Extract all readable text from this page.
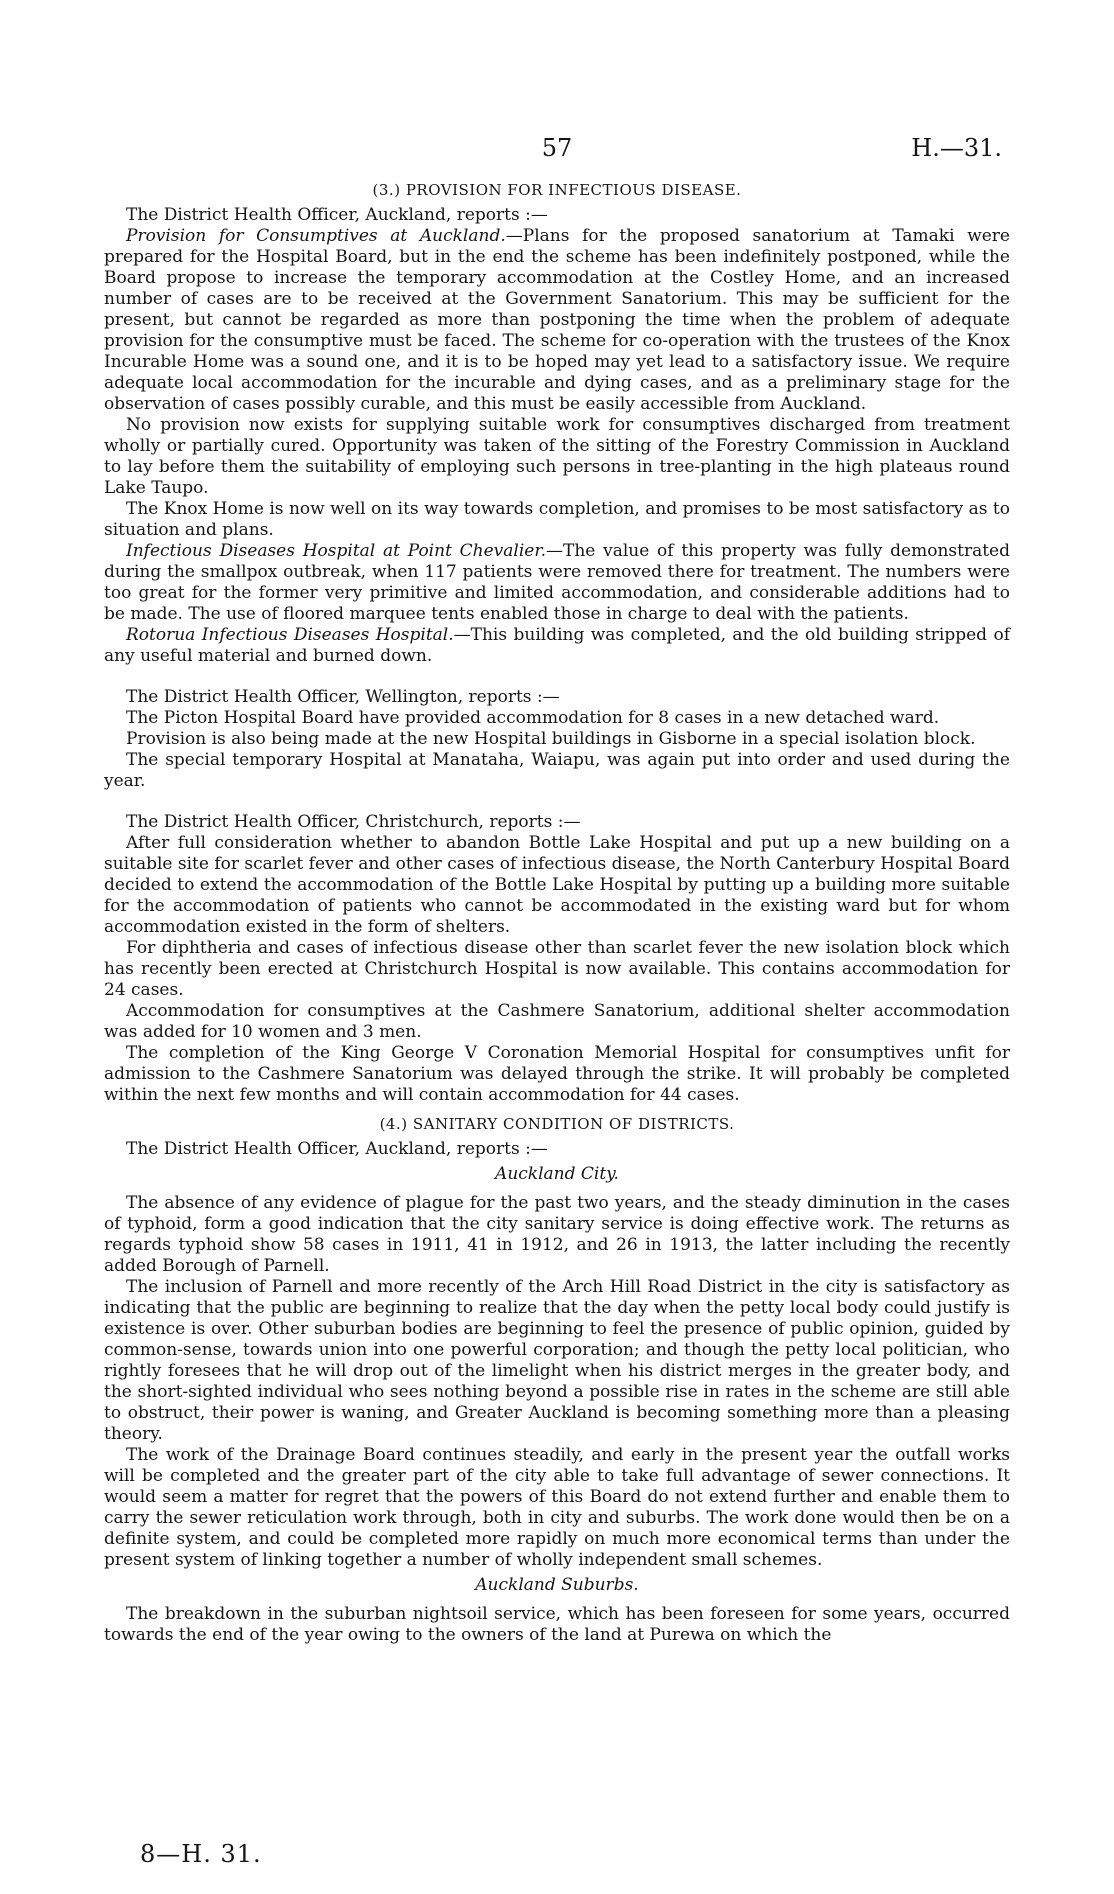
57	H.—31.
(3.) PROVISION FOR INFECTIOUS DISEASE.

The District Health Officer, Auckland, reports :—

Provision for Consumptives at Auckland.—Plans for the proposed sanatorium at Tamaki were prepared for the Hospital Board, but in the end the scheme has been indefinitely postponed, while the Board propose to increase the temporary accommodation at the Costley Home, and an increased number of cases are to be received at the Government Sanatorium. This may be sufficient for the present, but cannot be regarded as more than postponing the time when the problem of adequate provision for the consumptive must be faced. The scheme for co-operation with the trustees of the Knox Incurable Home was a sound one, and it is to be hoped may yet lead to a satisfactory issue. We require adequate local accommodation for the incurable and dying cases, and as a preliminary stage for the observation of cases possibly curable, and this must be easily accessible from Auckland.

No provision now exists for supplying suitable work for consumptives discharged from treatment wholly or partially cured. Opportunity was taken of the sitting of the Forestry Commission in Auckland to lay before them the suitability of employing such persons in tree-planting in the high plateaus round Lake Taupo.

The Knox Home is now well on its way towards completion, and promises to be most satisfactory as to situation and plans.

Infectious Diseases Hospital at Point Chevalier.—The value of this property was fully demonstrated during the smallpox outbreak, when 117 patients were removed there for treatment. The numbers were too great for the former very primitive and limited accommodation, and considerable additions had to be made. The use of floored marquee tents enabled those in charge to deal with the patients.

Rotorua Infectious Diseases Hospital.—This building was completed, and the old building stripped of any useful material and burned down.

The District Health Officer, Wellington, reports :—

The Picton Hospital Board have provided accommodation for 8 cases in a new detached ward.

Provision is also being made at the new Hospital buildings in Gisborne in a special isolation block.

The special temporary Hospital at Manataha, Waiapu, was again put into order and used during the year.

The District Health Officer, Christchurch, reports :—

After full consideration whether to abandon Bottle Lake Hospital and put up a new building on a suitable site for scarlet fever and other cases of infectious disease, the North Canterbury Hospital Board decided to extend the accommodation of the Bottle Lake Hospital by putting up a building more suitable for the accommodation of patients who cannot be accommodated in the existing ward but for whom accommodation existed in the form of shelters.

For diphtheria and cases of infectious disease other than scarlet fever the new isolation block which has recently been erected at Christchurch Hospital is now available. This contains accommodation for 24 cases.

Accommodation for consumptives at the Cashmere Sanatorium, additional shelter accommodation was added for 10 women and 3 men.

The completion of the King George V Coronation Memorial Hospital for consumptives unfit for admission to the Cashmere Sanatorium was delayed through the strike. It will probably be completed within the next few months and will contain accommodation for 44 cases.

(4.) SANITARY CONDITION OF DISTRICTS.

The District Health Officer, Auckland, reports :—

Auckland City.

The absence of any evidence of plague for the past two years, and the steady diminution in the cases of typhoid, form a good indication that the city sanitary service is doing effective work. The returns as regards typhoid show 58 cases in 1911, 41 in 1912, and 26 in 1913, the latter including the recently added Borough of Parnell.

The inclusion of Parnell and more recently of the Arch Hill Road District in the city is satisfactory as indicating that the public are beginning to realize that the day when the petty local body could justify is existence is over. Other suburban bodies are beginning to feel the presence of public opinion, guided by common-sense, towards union into one powerful corporation; and though the petty local politician, who rightly foresees that he will drop out of the limelight when his district merges in the greater body, and the short-sighted individual who sees nothing beyond a possible rise in rates in the scheme are still able to obstruct, their power is waning, and Greater Auckland is becoming something more than a pleasing theory.

The work of the Drainage Board continues steadily, and early in the present year the outfall works will be completed and the greater part of the city able to take full advantage of sewer connections. It would seem a matter for regret that the powers of this Board do not extend further and enable them to carry the sewer reticulation work through, both in city and suburbs. The work done would then be on a definite system, and could be completed more rapidly on much more economical terms than under the present system of linking together a number of wholly independent small schemes.

Auckland Suburbs.

The breakdown in the suburban nightsoil service, which has been foreseen for some years, occurred towards the end of the year owing to the owners of the land at Purewa on which the

8—H. 31.
